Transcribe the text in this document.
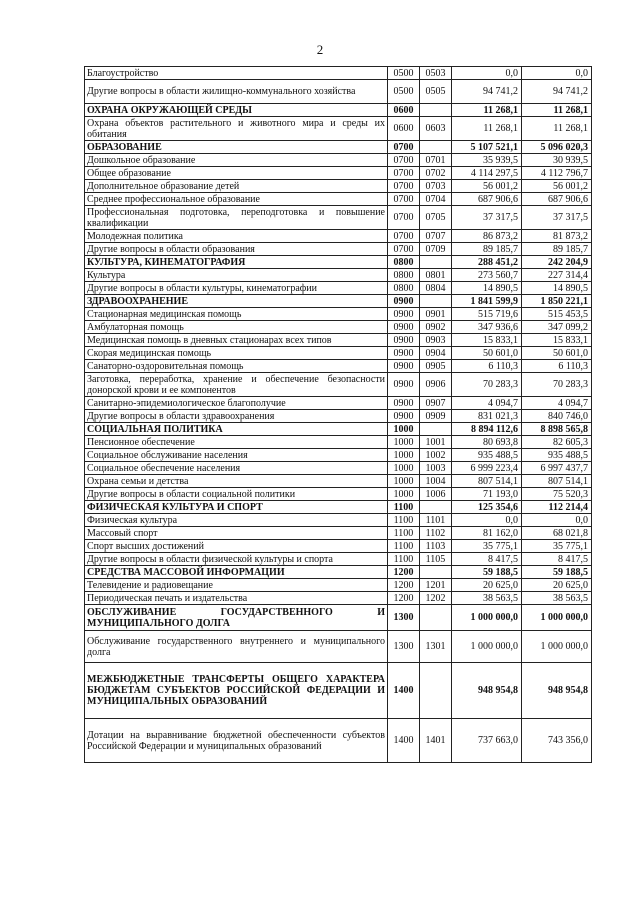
2
Благоустройство	0500	0503	0,0	0,0
Другие вопросы в области жилищно-коммунального хозяйства	0500	0505	94 741,2	94 741,2
ОХРАНА ОКРУЖАЮЩЕЙ СРЕДЫ	0600		11 268,1	11 268,1
Охрана объектов растительного и животного мира и среды их обитания	0600	0603	11 268,1	11 268,1
ОБРАЗОВАНИЕ	0700		5 107 521,1	5 096 020,3
Дошкольное образование	0700	0701	35 939,5	30 939,5
Общее образование	0700	0702	4 114 297,5	4 112 796,7
Дополнительное образование детей	0700	0703	56 001,2	56 001,2
Среднее профессиональное образование	0700	0704	687 906,6	687 906,6
Профессиональная подготовка, переподготовка и повышение квалификации	0700	0705	37 317,5	37 317,5
Молодежная политика	0700	0707	86 873,2	81 873,2
Другие вопросы в области образования	0700	0709	89 185,7	89 185,7
КУЛЬТУРА, КИНЕМАТОГРАФИЯ	0800		288 451,2	242 204,9
Культура	0800	0801	273 560,7	227 314,4
Другие вопросы в области культуры, кинематографии	0800	0804	14 890,5	14 890,5
ЗДРАВООХРАНЕНИЕ	0900		1 841 599,9	1 850 221,1
Стационарная медицинская помощь	0900	0901	515 719,6	515 453,5
Амбулаторная помощь	0900	0902	347 936,6	347 099,2
Медицинская помощь в дневных стационарах всех типов	0900	0903	15 833,1	15 833,1
Скорая медицинская помощь	0900	0904	50 601,0	50 601,0
Санаторно-оздоровительная помощь	0900	0905	6 110,3	6 110,3
Заготовка, переработка, хранение и обеспечение безопасности донорской крови и ее компонентов	0900	0906	70 283,3	70 283,3
Санитарно-эпидемиологическое благополучие	0900	0907	4 094,7	4 094,7
Другие вопросы в области здравоохранения	0900	0909	831 021,3	840 746,0
СОЦИАЛЬНАЯ ПОЛИТИКА	1000		8 894 112,6	8 898 565,8
Пенсионное обеспечение	1000	1001	80 693,8	82 605,3
Социальное обслуживание населения	1000	1002	935 488,5	935 488,5
Социальное обеспечение населения	1000	1003	6 999 223,4	6 997 437,7
Охрана семьи и детства	1000	1004	807 514,1	807 514,1
Другие вопросы в области социальной политики	1000	1006	71 193,0	75 520,3
ФИЗИЧЕСКАЯ КУЛЬТУРА И СПОРТ	1100		125 354,6	112 214,4
Физическая культура	1100	1101	0,0	0,0
Массовый спорт	1100	1102	81 162,0	68 021,8
Спорт высших достижений	1100	1103	35 775,1	35 775,1
Другие вопросы в области физической культуры и спорта	1100	1105	8 417,5	8 417,5
СРЕДСТВА МАССОВОЙ ИНФОРМАЦИИ	1200		59 188,5	59 188,5
Телевидение и радиовещание	1200	1201	20 625,0	20 625,0
Периодическая печать и издательства	1200	1202	38 563,5	38 563,5
ОБСЛУЖИВАНИЕ ГОСУДАРСТВЕННОГО И МУНИЦИПАЛЬНОГО ДОЛГА	1300		1 000 000,0	1 000 000,0
Обслуживание государственного внутреннего и муниципального долга	1300	1301	1 000 000,0	1 000 000,0
МЕЖБЮДЖЕТНЫЕ ТРАНСФЕРТЫ ОБЩЕГО ХАРАКТЕРА БЮДЖЕТАМ СУБЪЕКТОВ РОССИЙСКОЙ ФЕДЕРАЦИИ И МУНИЦИПАЛЬНЫХ ОБРАЗОВАНИЙ	1400		948 954,8	948 954,8
Дотации на выравнивание бюджетной обеспеченности субъектов Российской Федерации и муниципальных образований	1400	1401	737 663,0	743 356,0
